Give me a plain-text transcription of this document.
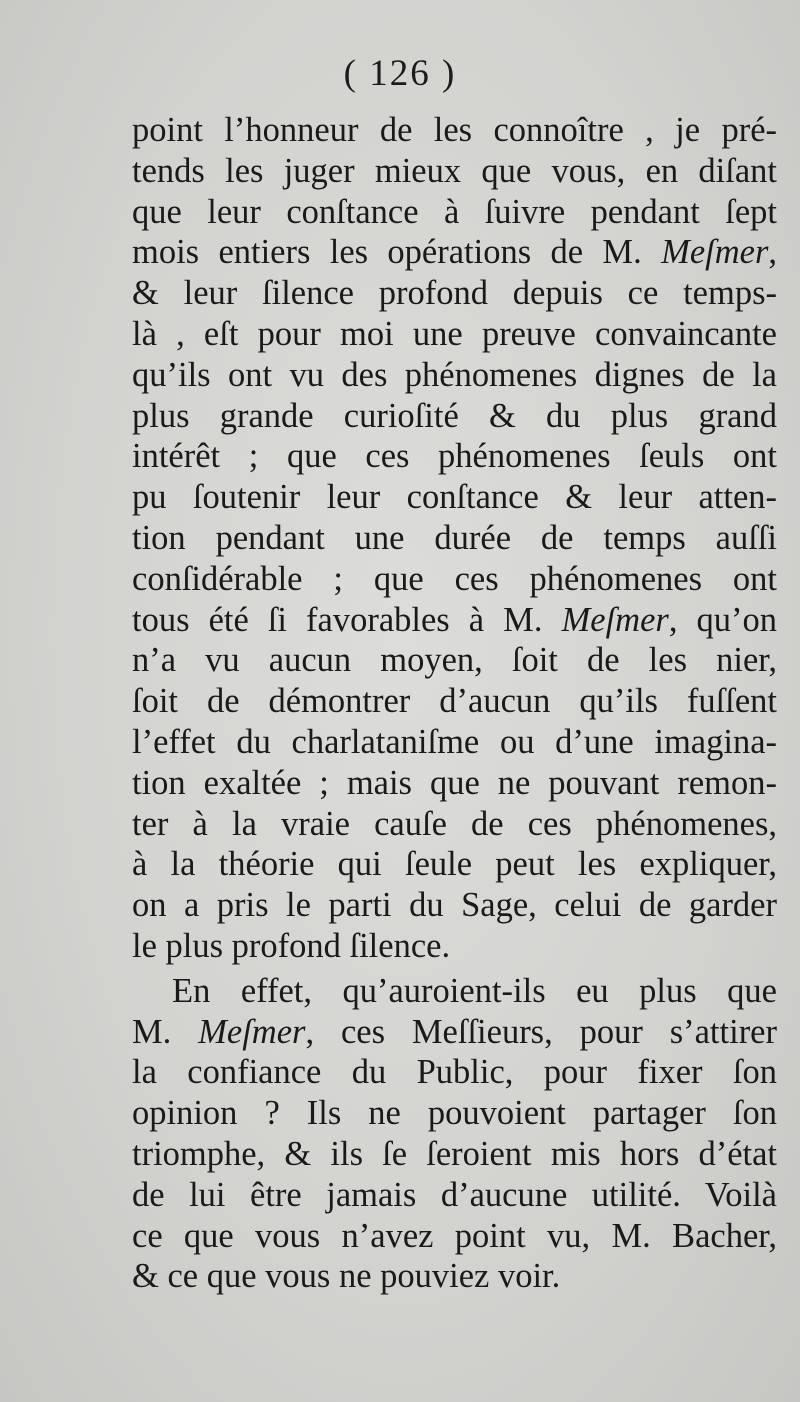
( 126 )
point l’honneur de les connoître , je pré-
tends les juger mieux que vous, en diſant
que leur conſtance à ſuivre pendant ſept
mois entiers les opérations de M. Meſmer,
& leur ſilence profond depuis ce temps-
là , eſt pour moi une preuve convaincante
qu’ils ont vu des phénomenes dignes de la
plus grande curioſité & du plus grand
intérêt ; que ces phénomenes ſeuls ont
pu ſoutenir leur conſtance & leur atten-
tion pendant une durée de temps auſſi
conſidérable ; que ces phénomenes ont
tous été ſi favorables à M. Meſmer, qu’on
n’a vu aucun moyen, ſoit de les nier,
ſoit de démontrer d’aucun qu’ils fuſſent
l’effet du charlataniſme ou d’une imagina-
tion exaltée ; mais que ne pouvant remon-
ter à la vraie cauſe de ces phénomenes,
à la théorie qui ſeule peut les expliquer,
on a pris le parti du Sage, celui de garder
le plus profond ſilence.
En effet, qu’auroient-ils eu plus que
M. Meſmer, ces Meſſieurs, pour s’attirer
la confiance du Public, pour fixer ſon
opinion ? Ils ne pouvoient partager ſon
triomphe, & ils ſe ſeroient mis hors d’état
de lui être jamais d’aucune utilité. Voilà
ce que vous n’avez point vu, M. Bacher,
& ce que vous ne pouviez voir.
